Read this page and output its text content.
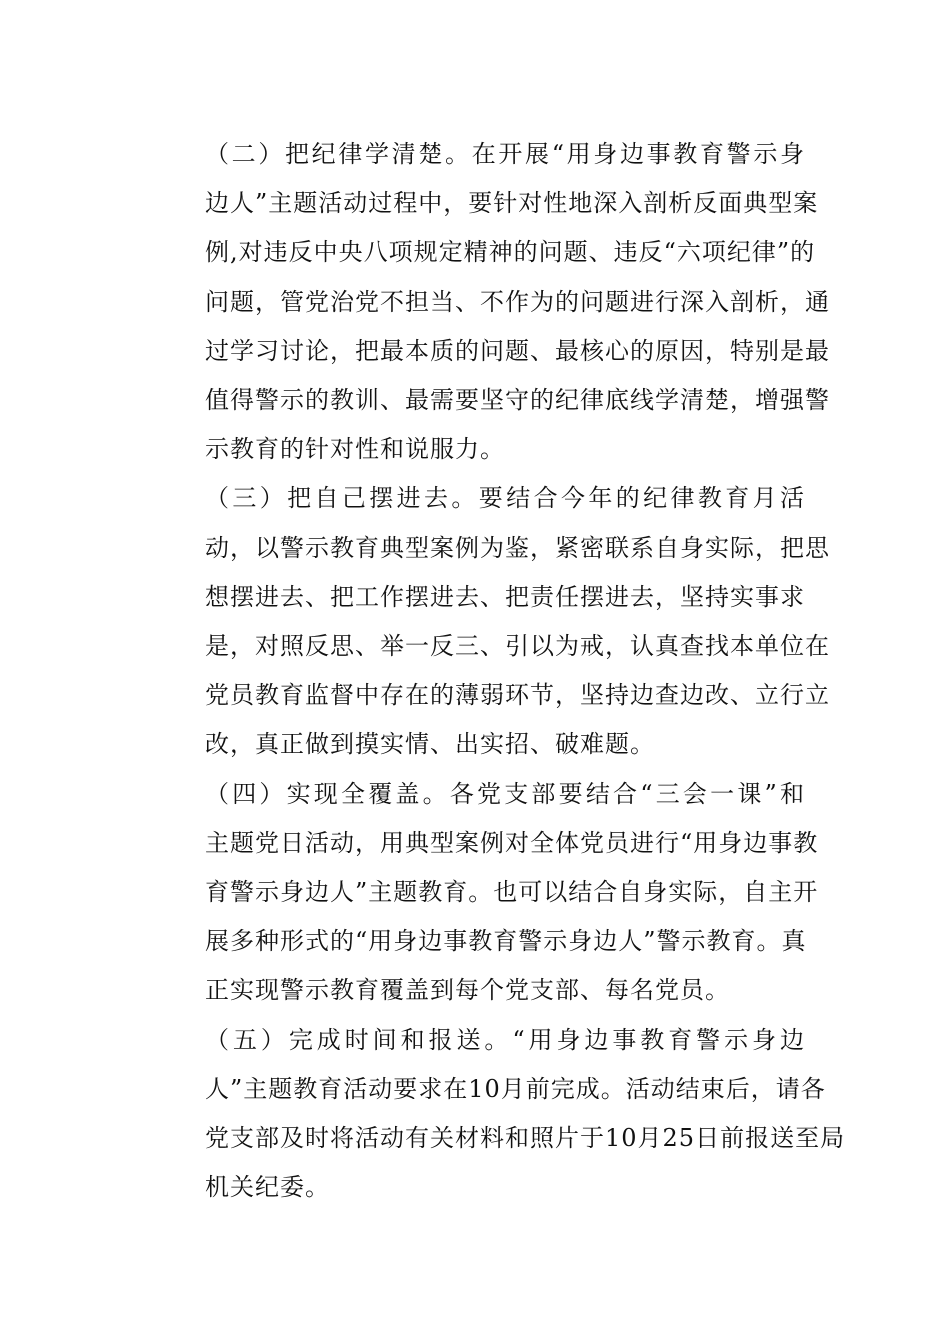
（二）把纪律学清楚。在开展“用身边事教育警示身
边人”主题活动过程中，要针对性地深入剖析反面典型案
例,对违反中央八项规定精神的问题、违反“六项纪律”的
问题，管党治党不担当、不作为的问题进行深入剖析，通
过学习讨论，把最本质的问题、最核心的原因，特别是最
值得警示的教训、最需要坚守的纪律底线学清楚，增强警
示教育的针对性和说服力。

（三）把自己摆进去。要结合今年的纪律教育月活
动，以警示教育典型案例为鉴，紧密联系自身实际，把思
想摆进去、把工作摆进去、把责任摆进去，坚持实事求
是，对照反思、举一反三、引以为戒，认真查找本单位在
党员教育监督中存在的薄弱环节，坚持边查边改、立行立
改，真正做到摸实情、出实招、破难题。

（四）实现全覆盖。各党支部要结合“三会一课”和
主题党日活动，用典型案例对全体党员进行“用身边事教
育警示身边人”主题教育。也可以结合自身实际，自主开
展多种形式的“用身边事教育警示身边人”警示教育。真
正实现警示教育覆盖到每个党支部、每名党员。

（五）完成时间和报送。“用身边事教育警示身边
人”主题教育活动要求在10月前完成。活动结束后，请各
党支部及时将活动有关材料和照片于10月25日前报送至局
机关纪委。
